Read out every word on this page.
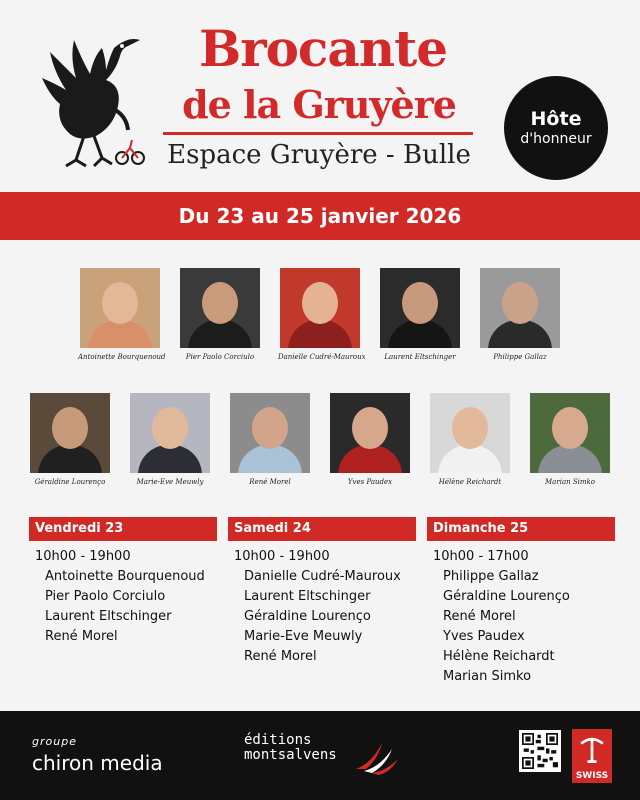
Brocante
de la Gruyère
Espace Gruyère - Bulle
Hôte
d'honneur
Du 23 au 25 janvier 2026
Antoinette Bourquenoud	Pier Paolo Corciulo	Danielle Cudré-Mauroux	Laurent Eltschinger	Philippe Gallaz
Géraldine Lourenço	Marie-Eve Meuwly	René Morel	Yves Paudex	Hélène Reichardt	Marian Simko
Vendredi 23
10h00 - 19h00
Antoinette Bourquenoud
Pier Paolo Corciulo
Laurent Eltschinger
René Morel
Samedi 24
10h00 - 19h00
Danielle Cudré-Mauroux
Laurent Eltschinger
Géraldine Lourenço
Marie-Eve Meuwly
René Morel
Dimanche 25
10h00 - 17h00
Philippe Gallaz
Géraldine Lourenço
René Morel
Yves Paudex
Hélène Reichardt
Marian Simko
groupe
chiron media
éditions
montsalvens
SWISS
